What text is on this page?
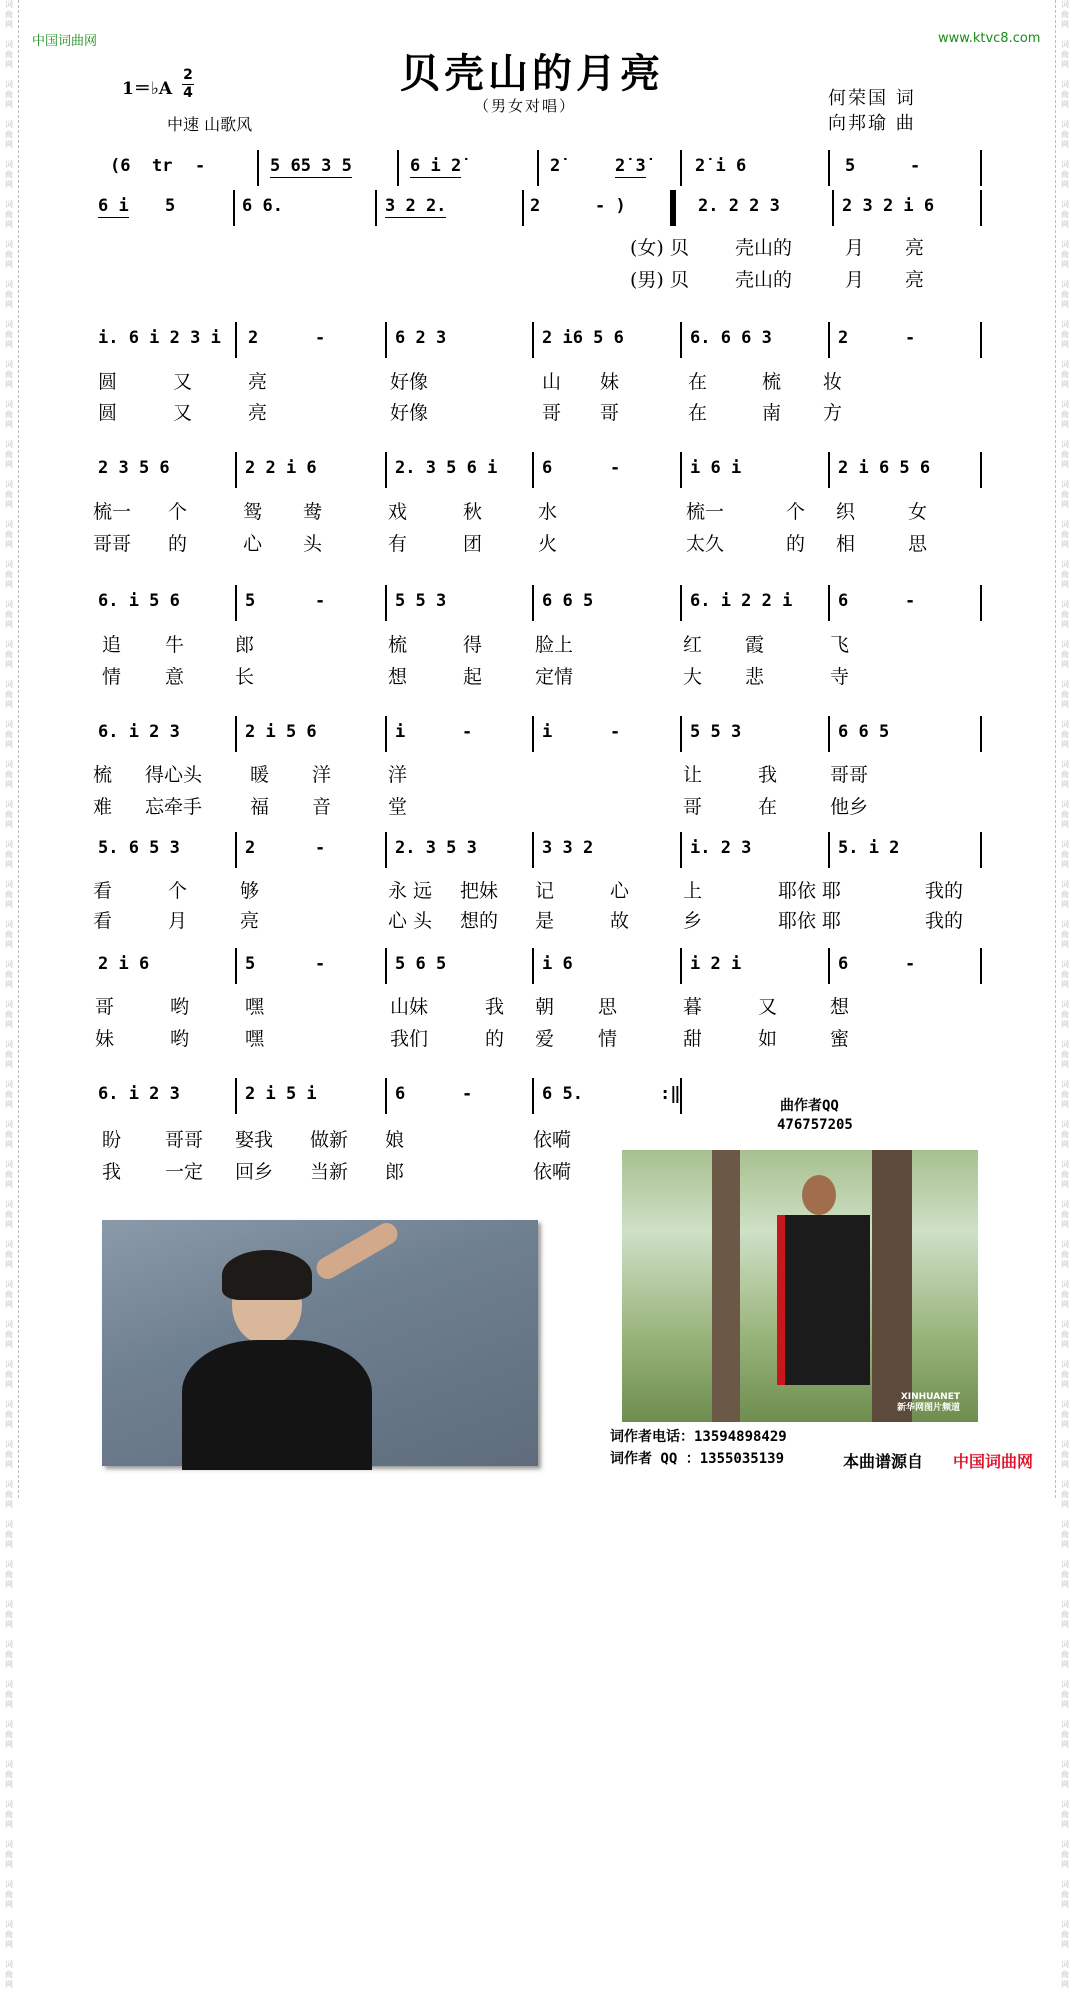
词
曲
网

词
曲
网

词
曲
网

词
曲
网

词
曲
网

词
曲
网

词
曲
网

词
曲
网

词
曲
网

词
曲
网

词
曲
网

词
曲
网

词
曲
网

词
曲
网

词
曲
网

词
曲
网

词
曲
网

词
曲
网

词
曲
网

词
曲
网

词
曲
网

词
曲
网

词
曲
网

词
曲
网

词
曲
网

词
曲
网

词
曲
网

词
曲
网

词
曲
网

词
曲
网

词
曲
网

词
曲
网

词
曲
网

词
曲
网

词
曲
网

词
曲
网

词
曲
网

词
曲
网

词
曲
网

词
曲
网

词
曲
网

词
曲
网

词
曲
网

词
曲
网

词
曲
网

词
曲
网

词
曲
网

词
曲
网

词
曲
网

词
曲
网

词
曲
网

词
曲
网

词
曲
网

词
曲
网

词
曲
网

词
曲
网

词
曲
网

词
曲
网

词
曲
网

词
曲
网

词
曲
网

词
曲
网

词
曲
网

词
曲
网

词
曲
网

词
曲
网

词
曲
网

词
曲
网

词
曲
网

词
曲
网

词
曲
网

词
曲
网

词
曲
网

词
曲
网

词
曲
网

词
曲
网

词
曲
网

词
曲
网

词
曲
网

词
曲
网

词
曲
网

词
曲
网

词
曲
网

词
曲
网

词
曲
网

词
曲
网

词
曲
网

词
曲
网

词
曲
网

词
曲
网

词
曲
网

词
曲
网

词
曲
网

词
曲
网

词
曲
网

词
曲
网

词
曲
网

词
曲
网

词
曲
网

词
曲
网

中国词曲网	www.ktvc8.com
贝壳山的月亮
（男女对唱）
1＝♭A
2
4
中速 山歌风
何荣国 词
向邦瑜 曲
(6 tr -	5 65 3 5	6 i 2̇	2̇	2̇ 3̇	2̇ i 6	5	-
6 i 5	6 6.	3 2 2.	2	- )	2. 2 2 3	2 3 2 i 6
i. 6 i 2 3 i 2	-	6 2 3	2 i6 5 6	6. 6 6 3	2	-
2 3 5 6	2 2 i 6	2. 3 5 6 i	6	-	i 6 i	2 i 6 5 6
6. i 5 6	5	-	5 5 3	6 6 5	6. i 2 2 i	6	-
6. i 2 3	2 i 5 6	i	-	i	-	5 5 3	6 6 5
5. 6 5 3	2	-	2. 3 5 3	3 3 2	i. 2 3	5. i 2
2 i 6	5	-	5 6 5	i 6	i 2 i	6	-
6. i 2 3	2 i 5 i	6	-	6 5.	:‖
(女) 贝 壳山的	月 亮
(男) 贝 壳山的	月 亮
圆	又	亮	好像	山 妹	在	梳 妆
圆	又	亮	好像	哥 哥	在	南 方
梳一 个	鸳 鸯	戏	秋	水	梳一	个 织	女
哥哥 的	心 头	有	团	火	太久	的 相	思
追 牛	郎	梳	得	脸上	红 霞	飞
情 意	长	想	起	定情	大 悲	寺
梳 得心头	暖 洋	洋	让	我	哥哥
难 忘牵手	福 音	堂	哥	在	他乡
看	个	够	永 远 把妹 记	心	上	耶依 耶	我的
看	月	亮	心 头 想的 是	故	乡	耶依 耶	我的
哥	哟	嘿	山妹	我 朝 思	暮	又	想
妹	哟	嘿	我们	的 爱 情	甜	如	蜜
盼 哥哥 娶我 做新 娘	依嗬
我 一定 回乡 当新 郎	依嗬
XINHUANET
新华网图片频道
曲作者QQ
476757205
词作者电话：13594898429
词作者 QQ ：1355035139	本曲谱源自 中国词曲网
